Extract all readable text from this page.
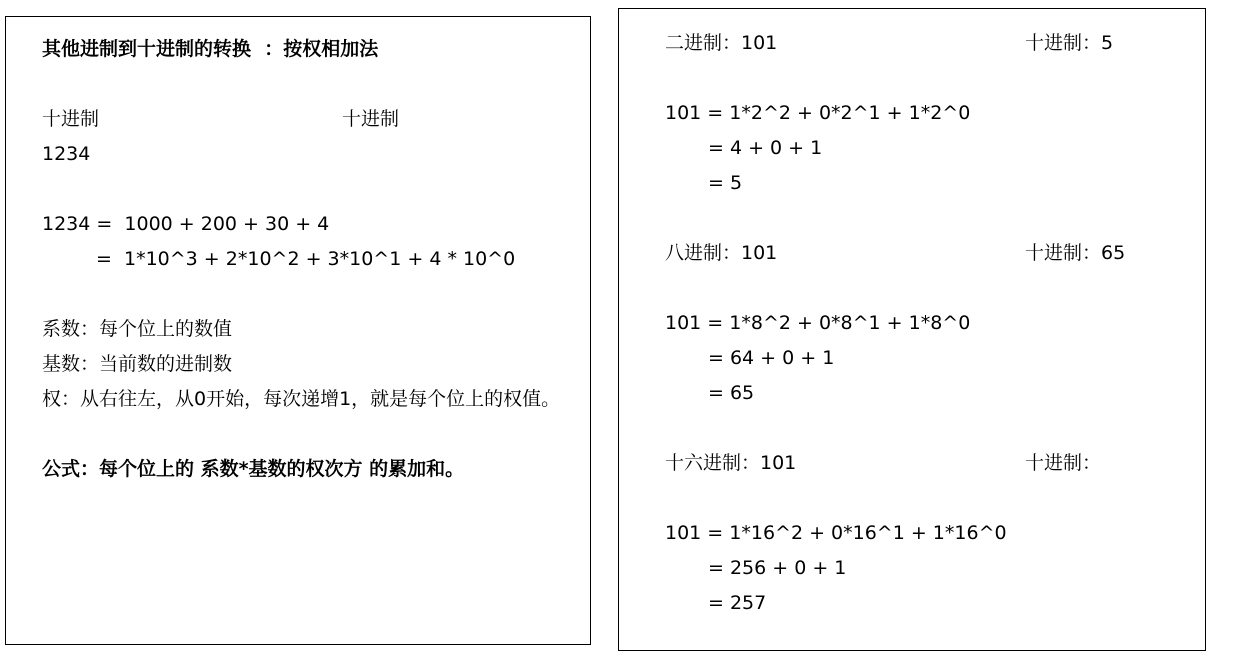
其他进制到十进制的转换  ：按权相加法
十进制	十进制
1234
1234 =  1000 + 200 + 30 + 4
=  1*10^3 + 2*10^2 + 3*10^1 + 4 * 10^0
系数：每个位上的数值
基数：当前数的进制数
权：从右往左，从0开始，每次递增1，就是每个位上的权值。
公式：每个位上的 系数*基数的权次方 的累加和。
二进制：101	十进制：5
101 = 1*2^2 + 0*2^1 + 1*2^0
= 4 + 0 + 1
= 5
八进制：101	十进制：65
101 = 1*8^2 + 0*8^1 + 1*8^0
= 64 + 0 + 1
= 65
十六进制：101	十进制：
101 = 1*16^2 + 0*16^1 + 1*16^0
= 256 + 0 + 1
= 257
